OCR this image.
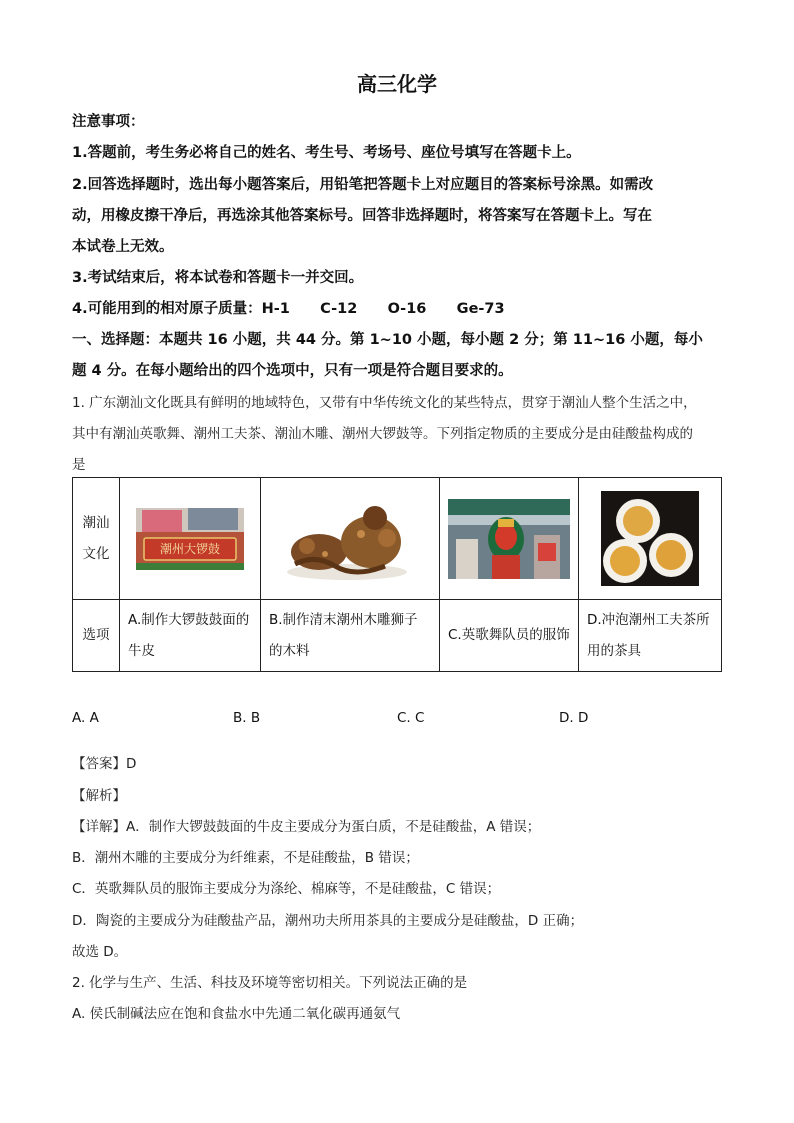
高三化学
注意事项：
1.答题前，考生务必将自己的姓名、考生号、考场号、座位号填写在答题卡上。
2.回答选择题时，选出每小题答案后，用铅笔把答题卡上对应题目的答案标号涂黑。如需改
动，用橡皮擦干净后，再选涂其他答案标号。回答非选择题时，将答案写在答题卡上。写在
本试卷上无效。
3.考试结束后，将本试卷和答题卡一并交回。
4.可能用到的相对原子质量：H-1      C-12      O-16      Ge-73
一、选择题：本题共 16 小题，共 44 分。第 1~10 小题，每小题 2 分；第 11~16 小题，每小
题 4 分。在每小题给出的四个选项中，只有一项是符合题目要求的。
1. 广东潮汕文化既具有鲜明的地域特色，又带有中华传统文化的某些特点，贯穿于潮汕人整个生活之中，
其中有潮汕英歌舞、潮州工夫茶、潮汕木雕、潮州大锣鼓等。下列指定物质的主要成分是由硅酸盐构成的
是
潮汕文化	潮州大锣鼓

选项	A.制作大锣鼓鼓面的牛皮	B.制作清末潮州木雕狮子的木料	C.英歌舞队员的服饰	D.冲泡潮州工夫茶所用的茶具
A. A	B. B	C. C	D. D
【答案】D
【解析】
【详解】A．制作大锣鼓鼓面的牛皮主要成分为蛋白质，不是硅酸盐，A 错误；
B．潮州木雕的主要成分为纤维素，不是硅酸盐，B 错误；
C．英歌舞队员的服饰主要成分为涤纶、棉麻等，不是硅酸盐，C 错误；
D．陶瓷的主要成分为硅酸盐产品，潮州功夫所用茶具的主要成分是硅酸盐，D 正确；
故选 D。
2. 化学与生产、生活、科技及环境等密切相关。下列说法正确的是
A. 侯氏制碱法应在饱和食盐水中先通二氧化碳再通氨气
